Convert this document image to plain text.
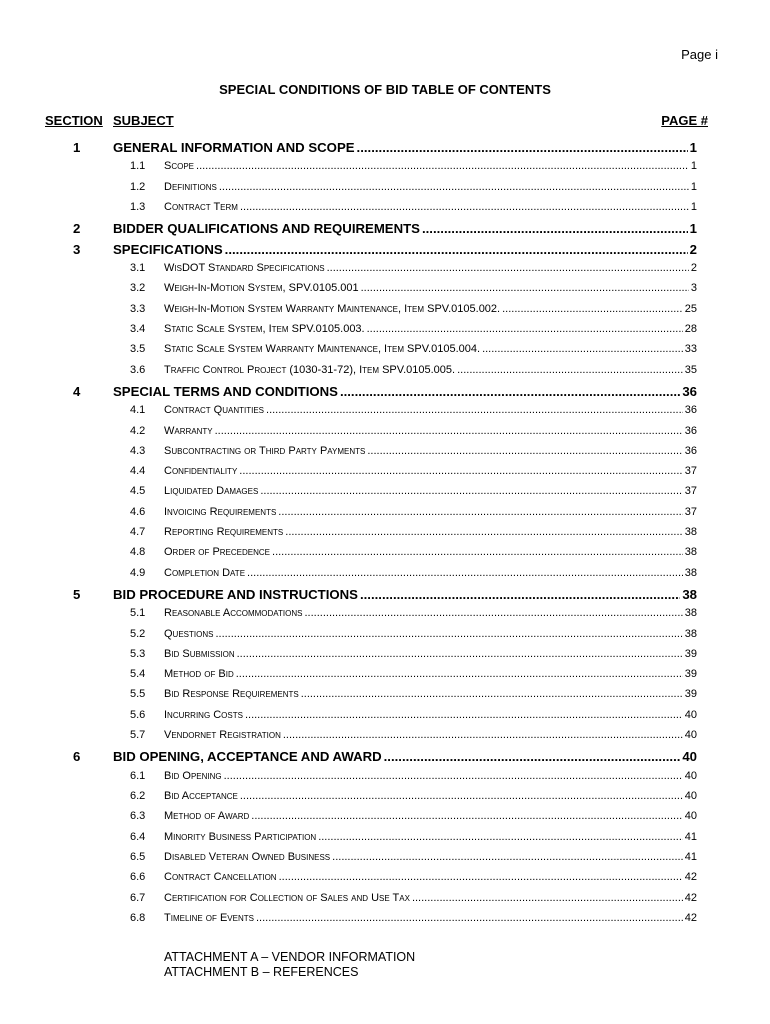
Page i
SPECIAL CONDITIONS OF BID TABLE OF CONTENTS
SECTION SUBJECT	PAGE #
1 GENERAL INFORMATION AND SCOPE .....	1
1.1 Scope .....	1
1.2 Definitions .....	1
1.3 Contract Term .....	1
2 BIDDER QUALIFICATIONS AND REQUIREMENTS .....	1
3 SPECIFICATIONS .....	2
3.1 WisDOT Standard Specifications .....	2
3.2 Weigh-In-Motion System, SPV.0105.001 .....	3
3.3 Weigh-In-Motion System Warranty Maintenance, Item SPV.0105.002. .....	25
3.4 Static Scale System, Item SPV.0105.003. .....	28
3.5 Static Scale System Warranty Maintenance, Item SPV.0105.004. .....	33
3.6 Traffic Control Project (1030-31-72), Item SPV.0105.005. .....	35
4 SPECIAL TERMS AND CONDITIONS .....	36
4.1 Contract Quantities .....	36
4.2 Warranty .....	36
4.3 Subcontracting or Third Party Payments .....	36
4.4 Confidentiality .....	37
4.5 Liquidated Damages .....	37
4.6 Invoicing Requirements .....	37
4.7 Reporting Requirements .....	38
4.8 Order of Precedence .....	38
4.9 Completion Date .....	38
5 BID PROCEDURE AND INSTRUCTIONS .....	38
5.1 Reasonable Accommodations .....	38
5.2 Questions .....	38
5.3 Bid Submission .....	39
5.4 Method of Bid .....	39
5.5 Bid Response Requirements .....	39
5.6 Incurring Costs .....	40
5.7 Vendornet Registration .....	40
6 BID OPENING, ACCEPTANCE AND AWARD .....	40
6.1 Bid Opening .....	40
6.2 Bid Acceptance .....	40
6.3 Method of Award .....	40
6.4 Minority Business Participation .....	41
6.5 Disabled Veteran Owned Business .....	41
6.6 Contract Cancellation .....	42
6.7 Certification for Collection of Sales and Use Tax .....	42
6.8 Timeline of Events .....	42
ATTACHMENT A – VENDOR INFORMATION
ATTACHMENT B – REFERENCES
